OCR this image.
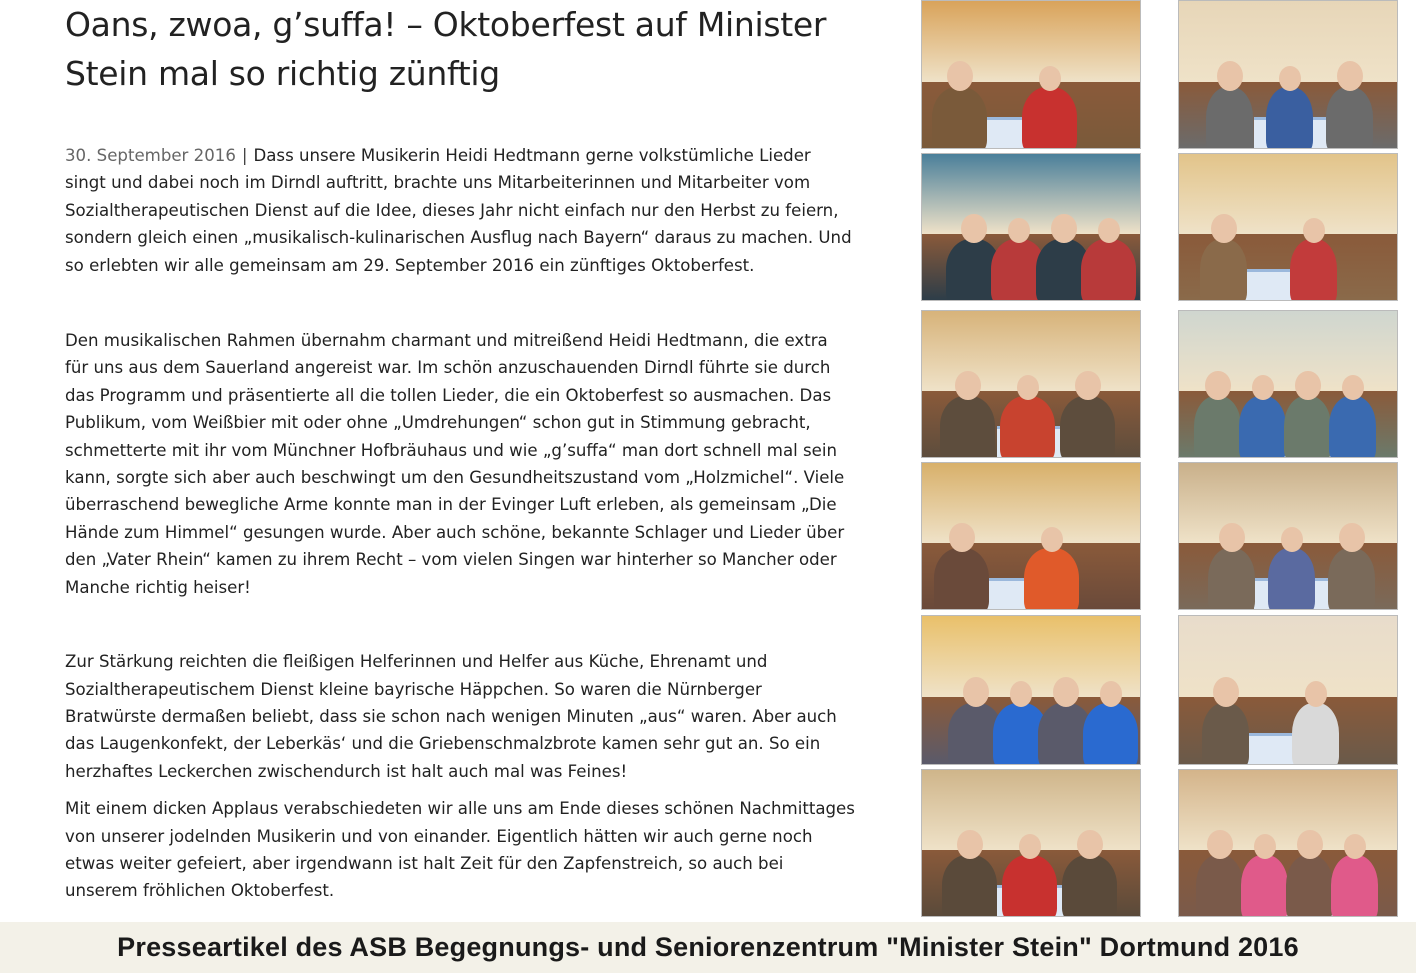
Oans, zwoa, g’suffa! – Oktoberfest auf Minister Stein mal so richtig zünftig

30. September 2016 | Dass unsere Musikerin Heidi Hedtmann gerne volkstümliche Lieder singt und dabei noch im Dirndl auftritt, brachte uns Mitarbeiterinnen und Mitarbeiter vom Sozialtherapeutischen Dienst auf die Idee, dieses Jahr nicht einfach nur den Herbst zu feiern, sondern gleich einen „musikalisch-kulinarischen Ausflug nach Bayern“ daraus zu machen. Und so erlebten wir alle gemeinsam am 29. September 2016 ein zünftiges Oktoberfest.

Den musikalischen Rahmen übernahm charmant und mitreißend Heidi Hedtmann, die extra für uns aus dem Sauerland angereist war. Im schön anzuschauenden Dirndl führte sie durch das Programm und präsentierte all die tollen Lieder, die ein Oktoberfest so ausmachen. Das Publikum, vom Weißbier mit oder ohne „Umdrehungen“ schon gut in Stimmung gebracht, schmetterte mit ihr vom Münchner Hofbräuhaus und wie „g’suffa“ man dort schnell mal sein kann, sorgte sich aber auch beschwingt um den Gesundheitszustand vom „Holzmichel“. Viele überraschend bewegliche Arme konnte man in der Evinger Luft erleben, als gemeinsam „Die Hände zum Himmel“ gesungen wurde. Aber auch schöne, bekannte Schlager und Lieder über den „Vater Rhein“ kamen zu ihrem Recht – vom vielen Singen war hinterher so Mancher oder Manche richtig heiser!

Zur Stärkung reichten die fleißigen Helferinnen und Helfer aus Küche, Ehrenamt und Sozialtherapeutischem Dienst kleine bayrische Häppchen. So waren die Nürnberger Bratwürste dermaßen beliebt, dass sie schon nach wenigen Minuten „aus“ waren. Aber auch das Laugenkonfekt, der Leberkäs‘ und die Griebenschmalzbrote kamen sehr gut an. So ein herzhaftes Leckerchen zwischendurch ist halt auch mal was Feines!

Mit einem dicken Applaus verabschiedeten wir alle uns am Ende dieses schönen Nachmittages von unserer jodelnden Musikerin und von einander. Eigentlich hätten wir auch gerne noch etwas weiter gefeiert, aber irgendwann ist halt Zeit für den Zapfenstreich, so auch bei unserem fröhlichen Oktoberfest.

Presseartikel des ASB Begegnungs- und Seniorenzentrum "Minister Stein" Dortmund 2016
